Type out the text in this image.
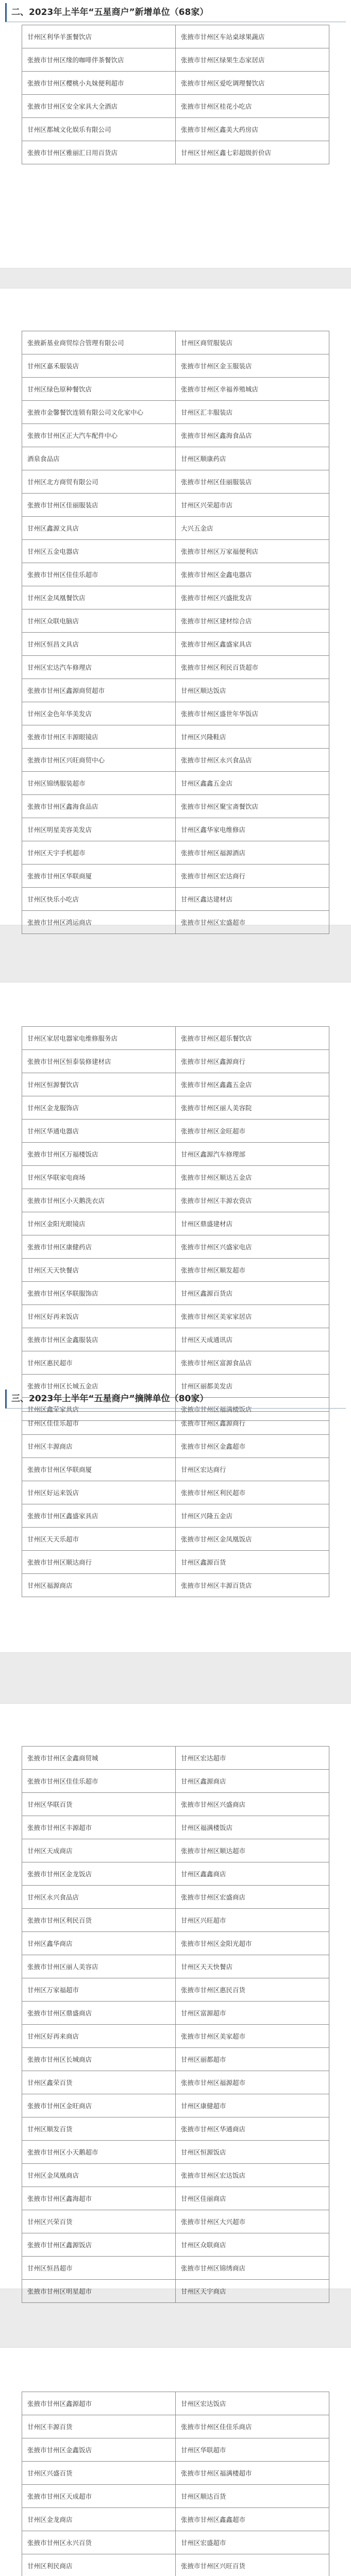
二、2023年上半年“五星商户”新增单位（68家）
甘州区利华羊蛋餐饮店	张掖市甘州区车站桌球果蔬店
张掖市甘州区缘的咖啡伴茶餐饮店	张掖市甘州区绿果生态家居店
张掖市甘州区樱桃小丸妹便利超市	张掖市甘州区爱吃调理餐饮店
张掖市甘州区安全家具大全酒店	张掖市甘州区桂花小吃店
甘州区都城文化娱乐有限公司	张掖市甘州区鑫美大药房店
张掖市甘州区雅丽汇日用百货店	甘州区甘州区鑫七彩超级折价店
张掖新基业商贸综合管理有限公司	甘州区商贸服装店
甘州区嘉禾服装店	张掖市甘州区金玉服装店
甘州区绿色原种餐饮店	张掖市甘州区幸福养殖城店
张掖市金馨餐饮连锁有限公司文化家中心	甘州区汇丰服装店
张掖市甘州区正大汽车配件中心	张掖市甘州区鑫海食品店
酒泉食品店	甘州区顺康药店
甘州区北方商贸有限公司	张掖市甘州区佳丽服装店
张掖市甘州区佳丽服装店	甘州区兴荣超市店
甘州区鑫源文具店	大兴五金店
甘州区五金电器店	张掖市甘州区万家福便利店
张掖市甘州区佳佳乐超市	张掖市甘州区金鑫电器店
甘州区金凤凰餐饮店	张掖市甘州区兴盛批发店
甘州区众联电脑店	张掖市甘州区建材综合店
甘州区恒昌文具店	张掖市甘州区鑫盛家具店
甘州区宏达汽车修理店	张掖市甘州区利民百货超市
张掖市甘州区鑫源商贸超市	甘州区顺达饭店
甘州区金色年华美发店	张掖市甘州区盛世年华饭店
张掖市甘州区丰源眼镜店	甘州区兴隆鞋店
张掖市甘州区兴旺商贸中心	张掖市甘州区永兴食品店
甘州区锦绣服装超市	甘州区鑫鑫五金店
张掖市甘州区鑫海食品店	张掖市甘州区聚宝斋餐饮店
甘州区明星美容美发店	甘州区鑫华家电维修店
甘州区天宇手机超市	张掖市甘州区福源酒店
张掖市甘州区华联商厦	张掖市甘州区宏达商行
甘州区快乐小吃店	甘州区鑫达建材店
张掖市甘州区鸿运商店	张掖市甘州区宏盛超市
甘州区家居电器家电维修服务店	张掖市甘州区超乐餐饮店
张掖市甘州区恒泰装修建材店	张掖市甘州区鑫源商行
甘州区恒源餐饮店	张掖市甘州区鑫鑫五金店
甘州区金龙服饰店	张掖市甘州区丽人美容院
甘州区华通电器店	张掖市甘州区金旺超市
张掖市甘州区万福楼饭店	甘州区鑫源汽车修理部
甘州区华联家电商场	张掖市甘州区顺达五金店
张掖市甘州区小天鹅洗衣店	张掖市甘州区丰源农资店
甘州区金阳光眼镜店	甘州区鼎盛建材店
张掖市甘州区康健药店	张掖市甘州区兴盛家电店
甘州区天天快餐店	张掖市甘州区顺发超市
张掖市甘州区华联服饰店	甘州区鑫源百货店
甘州区好再来饭店	张掖市甘州区美家家居店
张掖市甘州区金鑫服装店	甘州区天成通讯店
甘州区惠民超市	张掖市甘州区富源食品店
张掖市甘州区长城五金店	甘州区丽都美发店
甘州区鑫荣家具店	张掖市甘州区福满楼饭店
三、2023年上半年“五星商户”摘牌单位（80家）
甘州区佳佳乐超市	张掖市甘州区鑫源商行
甘州区丰源商店	张掖市甘州区金鑫超市
张掖市甘州区华联商厦	甘州区宏达商行
甘州区好运来饭店	张掖市甘州区利民超市
张掖市甘州区鑫盛家具店	甘州区兴隆五金店
甘州区天天乐超市	张掖市甘州区金凤凰饭店
张掖市甘州区顺达商行	甘州区鑫源百货
甘州区福源商店	张掖市甘州区丰源百货店
张掖市甘州区金鑫商贸城	甘州区宏达超市
张掖市甘州区佳佳乐超市	甘州区鑫源商店
甘州区华联百货	张掖市甘州区兴盛商店
张掖市甘州区丰源超市	甘州区福满楼饭店
甘州区天成商店	张掖市甘州区顺达超市
张掖市甘州区金龙饭店	甘州区鑫鑫商店
甘州区永兴食品店	张掖市甘州区宏盛商店
张掖市甘州区利民百货	甘州区兴旺超市
甘州区鑫华商店	张掖市甘州区金阳光超市
张掖市甘州区丽人美容店	甘州区天天快餐店
甘州区万家福超市	张掖市甘州区惠民百货
张掖市甘州区鼎盛商店	甘州区富源超市
甘州区好再来商店	张掖市甘州区美家超市
张掖市甘州区长城商店	甘州区丽都超市
甘州区鑫荣百货	张掖市甘州区福源超市
张掖市甘州区金旺商店	甘州区康健超市
甘州区顺发百货	张掖市甘州区华通商店
张掖市甘州区小天鹅超市	甘州区恒源饭店
甘州区金凤凰商店	张掖市甘州区宏达饭店
张掖市甘州区鑫海超市	甘州区佳丽商店
甘州区兴荣百货	张掖市甘州区大兴超市
张掖市甘州区鑫源饭店	甘州区众联商店
甘州区恒昌超市	张掖市甘州区锦绣商店
张掖市甘州区明星超市	甘州区天宇商店
张掖市甘州区鑫源超市	甘州区宏达饭店
甘州区丰源百货	张掖市甘州区佳佳乐商店
张掖市甘州区金鑫饭店	甘州区华联超市
甘州区兴盛百货	张掖市甘州区福满楼超市
张掖市甘州区天成超市	甘州区顺达百货
甘州区金龙商店	张掖市甘州区鑫鑫超市
张掖市甘州区永兴百货	甘州区宏盛超市
甘州区利民商店	张掖市甘州区兴旺百货
